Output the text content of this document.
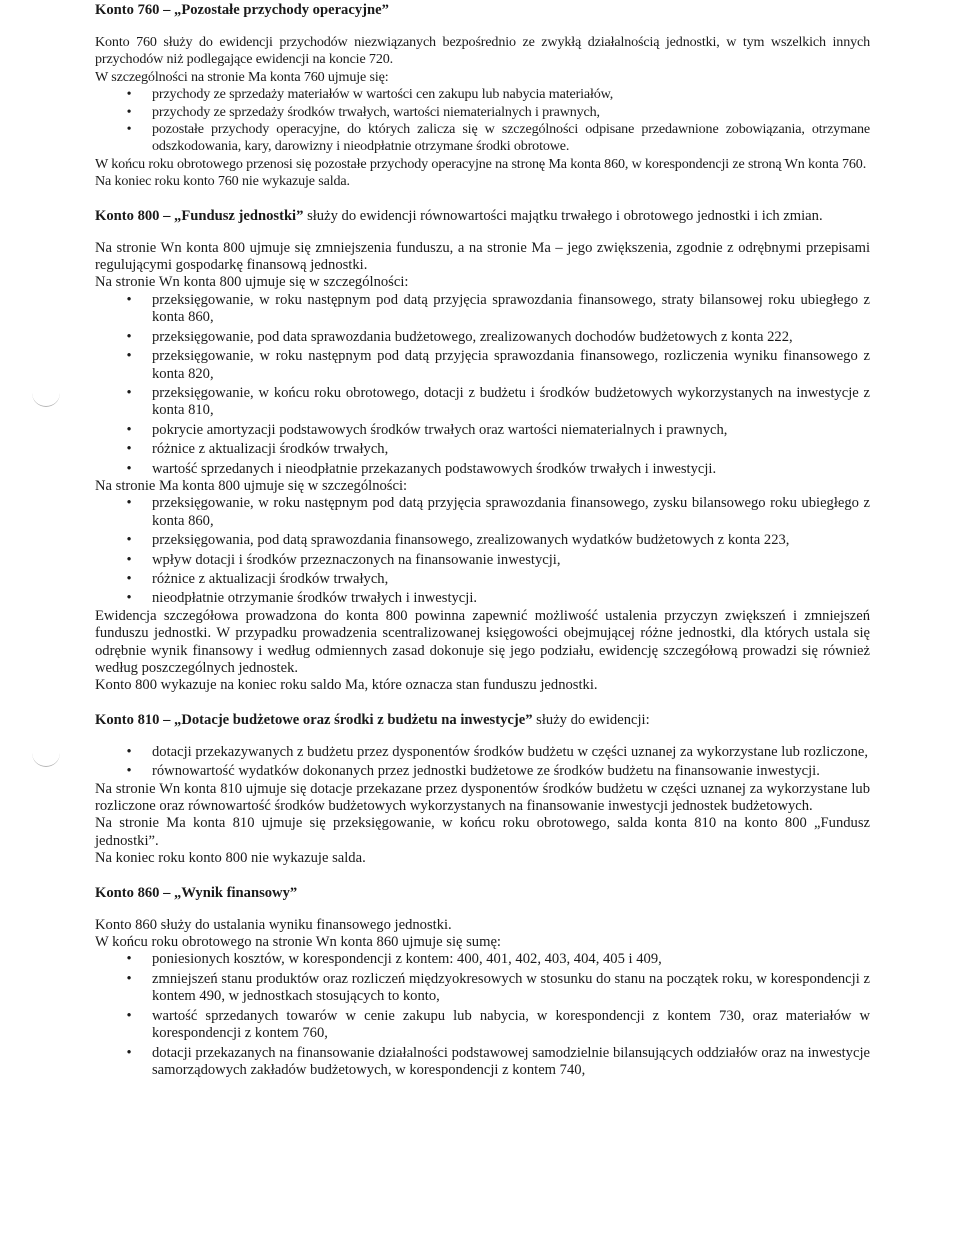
Konto 760 – „Pozostałe przychody operacyjne”

Konto 760 służy do ewidencji przychodów niezwiązanych bezpośrednio ze zwykłą działalnością jednostki, w tym wszelkich innych przychodów niż podlegające ewidencji na koncie 720.

W szczególności na stronie Ma konta 760 ujmuje się:

• przychody ze sprzedaży materiałów w wartości cen zakupu lub nabycia materiałów,
• przychody ze sprzedaży środków trwałych, wartości niematerialnych i prawnych,
• pozostałe przychody operacyjne, do których zalicza się w szczególności odpisane przedawnione zobowiązania, otrzymane odszkodowania, kary, darowizny i nieodpłatnie otrzymane środki obrotowe.

W końcu roku obrotowego przenosi się pozostałe przychody operacyjne na stronę Ma konta 860, w korespondencji ze stroną Wn konta 760.

Na koniec roku konto 760 nie wykazuje salda.

Konto 800 – „Fundusz jednostki” służy do ewidencji równowartości majątku trwałego i obrotowego jednostki i ich zmian.

Na stronie Wn konta 800 ujmuje się zmniejszenia funduszu, a na stronie Ma – jego zwiększenia, zgodnie z odrębnymi przepisami regulującymi gospodarkę finansową jednostki.

Na stronie Wn konta 800 ujmuje się w szczególności:

• przeksięgowanie, w roku następnym pod datą przyjęcia sprawozdania finansowego, straty bilansowej roku ubiegłego z konta 860,
• przeksięgowanie, pod data sprawozdania budżetowego, zrealizowanych dochodów budżetowych z konta 222,
• przeksięgowanie, w roku następnym pod datą przyjęcia sprawozdania finansowego, rozliczenia wyniku finansowego z konta 820,
• przeksięgowanie, w końcu roku obrotowego, dotacji z budżetu i środków budżetowych wykorzystanych na inwestycje z konta 810,
• pokrycie amortyzacji podstawowych środków trwałych oraz wartości niematerialnych i prawnych,
• różnice z aktualizacji środków trwałych,
• wartość sprzedanych i nieodpłatnie przekazanych podstawowych środków trwałych i inwestycji.

Na stronie Ma konta 800 ujmuje się w szczególności:

• przeksięgowanie, w roku następnym pod datą przyjęcia sprawozdania finansowego, zysku bilansowego roku ubiegłego z konta 860,
• przeksięgowania, pod datą sprawozdania finansowego, zrealizowanych wydatków budżetowych z konta 223,
• wpływ dotacji i środków przeznaczonych na finansowanie inwestycji,
• różnice z aktualizacji środków trwałych,
• nieodpłatnie otrzymanie środków trwałych i inwestycji.

Ewidencja szczegółowa prowadzona do konta 800 powinna zapewnić możliwość ustalenia przyczyn zwiększeń i zmniejszeń funduszu jednostki. W przypadku prowadzenia scentralizowanej księgowości obejmującej różne jednostki, dla których ustala się odrębnie wynik finansowy i według odmiennych zasad dokonuje się jego podziału, ewidencję szczegółową prowadzi się również według poszczególnych jednostek.

Konto 800 wykazuje na koniec roku saldo Ma, które oznacza stan funduszu jednostki.

Konto 810 – „Dotacje budżetowe oraz środki z budżetu na inwestycje” służy do ewidencji:

• dotacji przekazywanych z budżetu przez dysponentów środków budżetu w części uznanej za wykorzystane lub rozliczone,
• równowartość wydatków dokonanych przez jednostki budżetowe ze środków budżetu na finansowanie inwestycji.

Na stronie Wn konta 810 ujmuje się dotacje przekazane przez dysponentów środków budżetu w części uznanej za wykorzystane lub rozliczone oraz równowartość środków budżetowych wykorzystanych na finansowanie inwestycji jednostek budżetowych.

Na stronie Ma konta 810 ujmuje się przeksięgowanie, w końcu roku obrotowego, salda konta 810 na konto 800 „Fundusz jednostki”.

Na koniec roku konto 800 nie wykazuje salda.

Konto 860 – „Wynik finansowy”

Konto 860 służy do ustalania wyniku finansowego jednostki.

W końcu roku obrotowego na stronie Wn konta 860 ujmuje się sumę:

• poniesionych kosztów, w korespondencji z kontem: 400, 401, 402, 403, 404, 405 i 409,
• zmniejszeń stanu produktów oraz rozliczeń międzyokresowych w stosunku do stanu na początek roku, w korespondencji z kontem 490, w jednostkach stosujących to konto,
• wartość sprzedanych towarów w cenie zakupu lub nabycia, w korespondencji z kontem 730, oraz materiałów w korespondencji z kontem 760,
• dotacji przekazanych na finansowanie działalności podstawowej samodzielnie bilansujących oddziałów oraz na inwestycje samorządowych zakładów budżetowych, w korespondencji z kontem 740,
